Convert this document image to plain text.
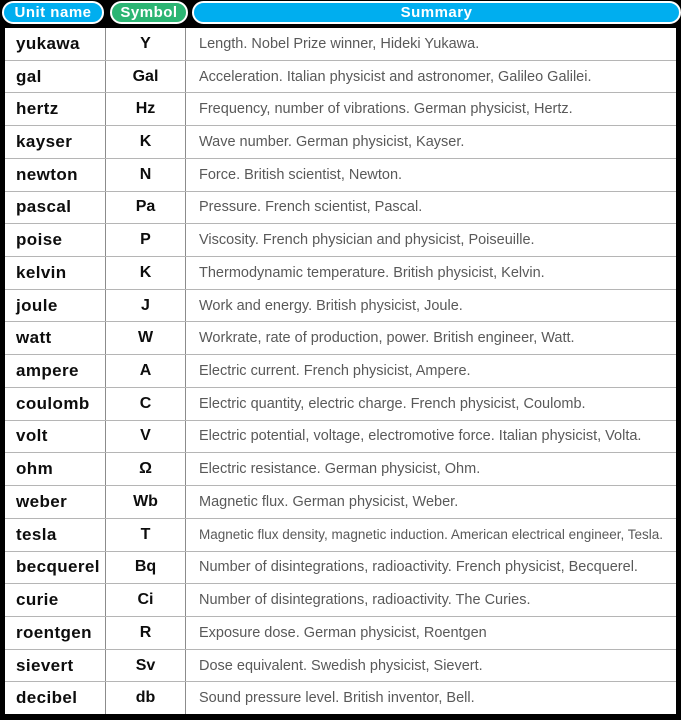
Unit name	Symbol	Summary
yukawa	Y	Length. Nobel Prize winner, Hideki Yukawa.
gal	Gal	Acceleration. Italian physicist and astronomer, Galileo Galilei.
hertz	Hz	Frequency, number of vibrations. German physicist, Hertz.
kayser	K	Wave number. German physicist, Kayser.
newton	N	Force. British scientist, Newton.
pascal	Pa	Pressure. French scientist, Pascal.
poise	P	Viscosity. French physician and physicist, Poiseuille.
kelvin	K	Thermodynamic temperature. British physicist, Kelvin.
joule	J	Work and energy. British physicist, Joule.
watt	W	Workrate, rate of production, power. British engineer, Watt.
ampere	A	Electric current. French physicist, Ampere.
coulomb	C	Electric quantity, electric charge. French physicist, Coulomb.
volt	V	Electric potential, voltage, electromotive force. Italian physicist, Volta.
ohm	Ω	Electric resistance. German physicist, Ohm.
weber	Wb	Magnetic flux. German physicist, Weber.
tesla	T	Magnetic flux density, magnetic induction. American electrical engineer, Tesla.
becquerel	Bq	Number of disintegrations, radioactivity. French physicist, Becquerel.
curie	Ci	Number of disintegrations, radioactivity. The Curies.
roentgen	R	Exposure dose. German physicist, Roentgen
sievert	Sv	Dose equivalent. Swedish physicist, Sievert.
decibel	db	Sound pressure level. British inventor, Bell.
